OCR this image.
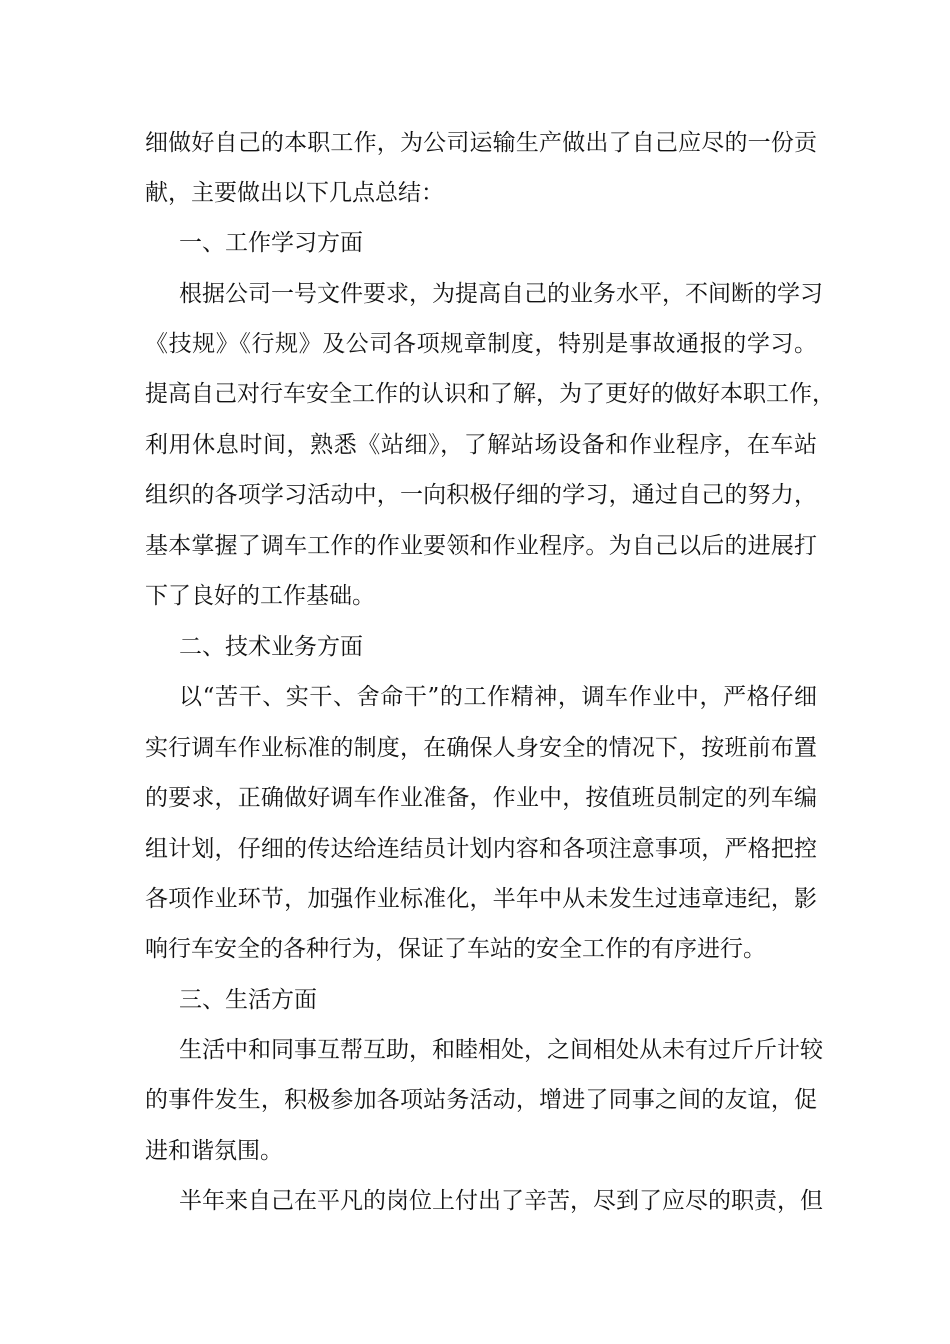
细做好自己的本职工作，为公司运输生产做出了自己应尽的一份贡
献，主要做出以下几点总结：
一、工作学习方面
根据公司一号文件要求，为提高自己的业务水平，不间断的学习
《技规》《行规》及公司各项规章制度，特别是事故通报的学习。
提高自己对行车安全工作的认识和了解，为了更好的做好本职工作，
利用休息时间，熟悉《站细》，了解站场设备和作业程序，在车站
组织的各项学习活动中，一向积极仔细的学习，通过自己的努力，
基本掌握了调车工作的作业要领和作业程序。为自己以后的进展打
下了良好的工作基础。
二、技术业务方面
以“苦干、实干、舍命干”的工作精神，调车作业中，严格仔细
实行调车作业标准的制度，在确保人身安全的情况下，按班前布置
的要求，正确做好调车作业准备，作业中，按值班员制定的列车编
组计划，仔细的传达给连结员计划内容和各项注意事项，严格把控
各项作业环节，加强作业标准化，半年中从未发生过违章违纪，影
响行车安全的各种行为，保证了车站的安全工作的有序进行。
三、生活方面
生活中和同事互帮互助，和睦相处，之间相处从未有过斤斤计较
的事件发生，积极参加各项站务活动，增进了同事之间的友谊，促
进和谐氛围。
半年来自己在平凡的岗位上付出了辛苦，尽到了应尽的职责，但
